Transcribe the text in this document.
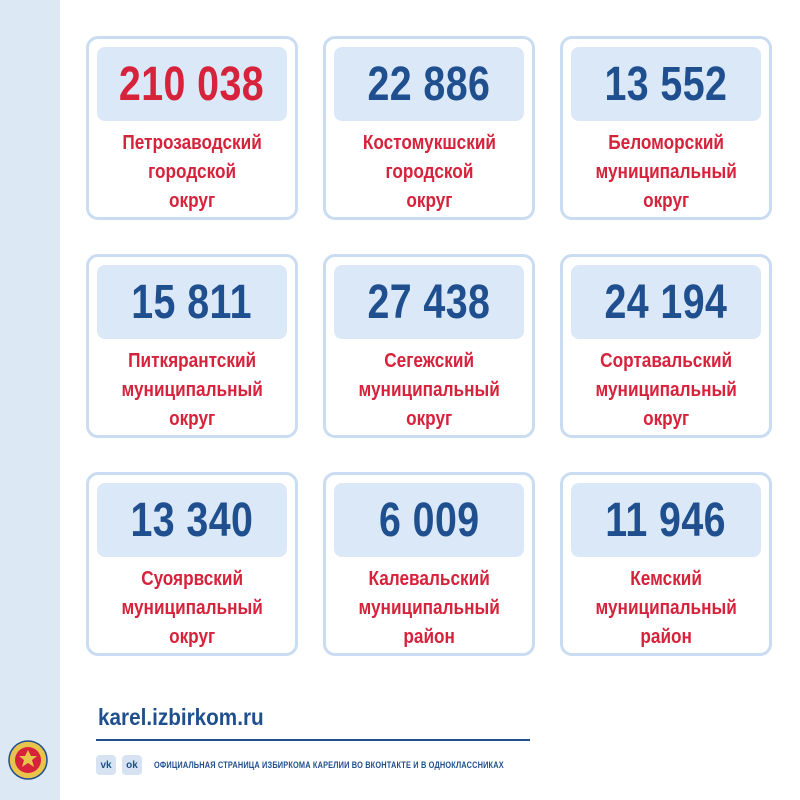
210 038
Петрозаводский
городской
округ
22 886
Костомукшский
городской
округ
13 552
Беломорский
муниципальный
округ
15 811
Питкярантский
муниципальный
округ
27 438
Сегежский
муниципальный
округ
24 194
Сортавальский
муниципальный
округ
13 340
Суоярвский
муниципальный
округ
6 009
Калевальский
муниципальный
район
11 946
Кемский
муниципальный
район
karel.izbirkom.ru
vk	ok	ОФИЦИАЛЬНАЯ СТРАНИЦА ИЗБИРКОМА КАРЕЛИИ ВО ВКОНТАКТЕ И В ОДНОКЛАССНИКАХ
